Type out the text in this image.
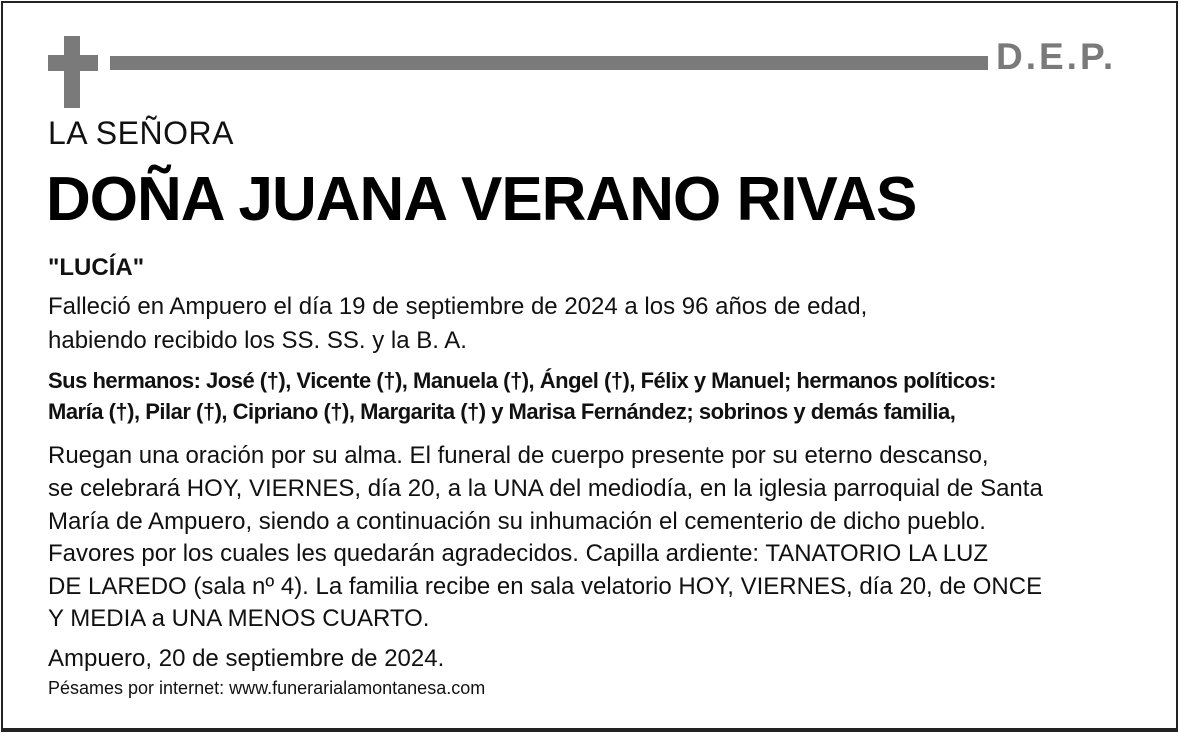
D.E.P.
LA SEÑORA
DOÑA JUANA VERANO RIVAS
"LUCÍA"
Falleció en Ampuero el día 19 de septiembre de 2024 a los 96 años de edad,
habiendo recibido los SS. SS. y la B. A.
Sus hermanos: José (†), Vicente (†), Manuela (†), Ángel (†), Félix y Manuel; hermanos políticos:
María (†), Pilar (†), Cipriano (†), Margarita (†) y Marisa Fernández; sobrinos y demás familia,
Ruegan una oración por su alma. El funeral de cuerpo presente por su eterno descanso,
se celebrará HOY, VIERNES, día 20, a la UNA del mediodía, en la iglesia parroquial de Santa
María de Ampuero, siendo a continuación su inhumación el cementerio de dicho pueblo.
Favores por los cuales les quedarán agradecidos. Capilla ardiente: TANATORIO LA LUZ
DE LAREDO (sala nº 4). La familia recibe en sala velatorio HOY, VIERNES, día 20, de ONCE
Y MEDIA a UNA MENOS CUARTO.
Ampuero, 20 de septiembre de 2024.
Pésames por internet: www.funerarialamontanesa.com
